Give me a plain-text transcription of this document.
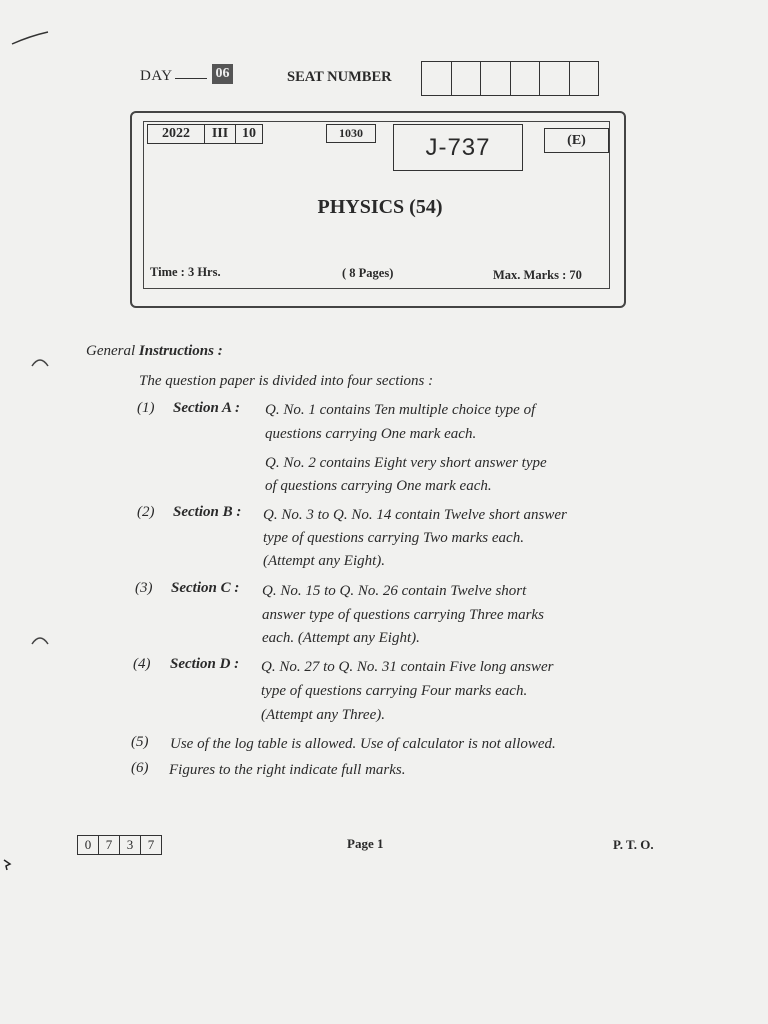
DAY	06	SEAT NUMBER
2022	III 10	1030
J-737	(E)
PHYSICS (54)
Time : 3 Hrs.	( 8 Pages)	Max. Marks : 70
General Instructions :
The question paper is divided into four sections :
(1) Section A : Q. No. 1 contains Ten multiple choice type of
questions carrying One mark each.
Q. No. 2 contains Eight very short answer type
of questions carrying One mark each.
(2) Section B : Q. No. 3 to Q. No. 14 contain Twelve short answer
type of questions carrying Two marks each.
(Attempt any Eight).
(3) Section C : Q. No. 15 to Q. No. 26 contain Twelve short
answer type of questions carrying Three marks
each. (Attempt any Eight).
(4) Section D : Q. No. 27 to Q. No. 31 contain Five long answer
type of questions carrying Four marks each.
(Attempt any Three).
(5) Use of the log table is allowed. Use of calculator is not allowed.
(6) Figures to the right indicate full marks.
0	7	3	7	Page 1	P. T. O.
